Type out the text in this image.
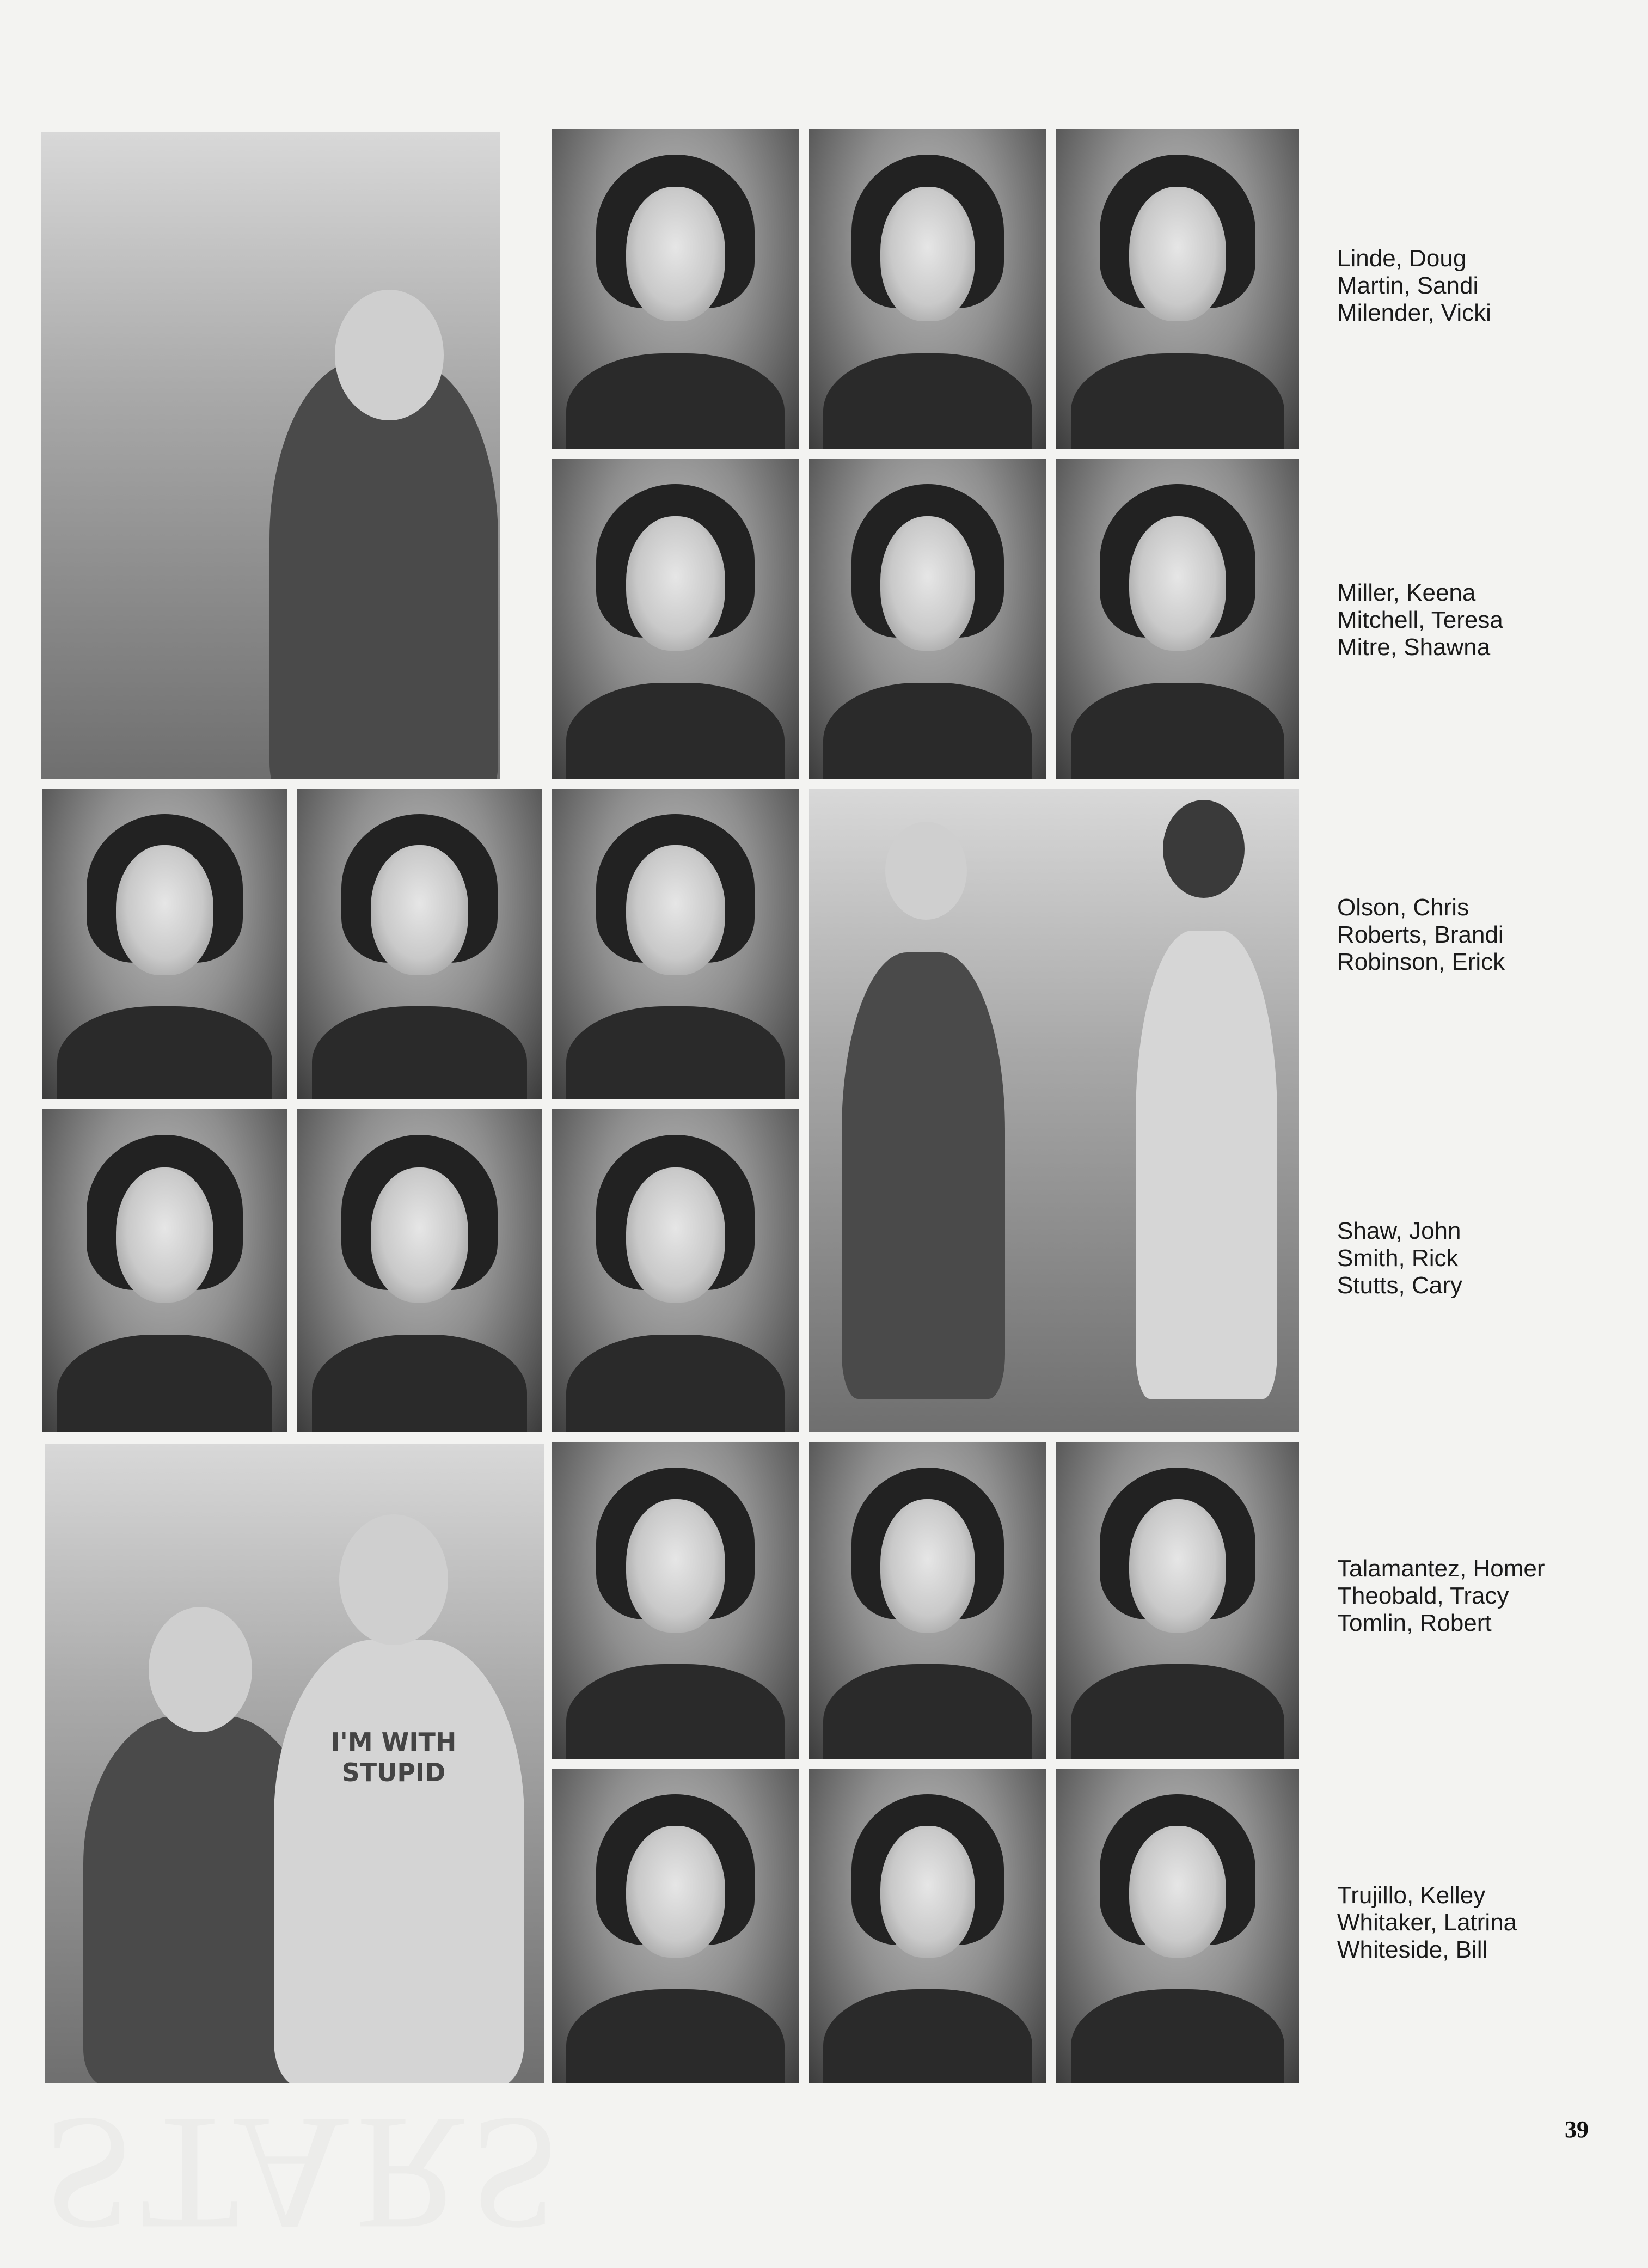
STARS
I'M WITH STUPID
Linde, Doug
Martin, Sandi
Milender, Vicki
Miller, Keena
Mitchell, Teresa
Mitre, Shawna
Olson, Chris
Roberts, Brandi
Robinson, Erick
Shaw, John
Smith, Rick
Stutts, Cary
Talamantez, Homer
Theobald, Tracy
Tomlin, Robert
Trujillo, Kelley
Whitaker, Latrina
Whiteside, Bill
39
